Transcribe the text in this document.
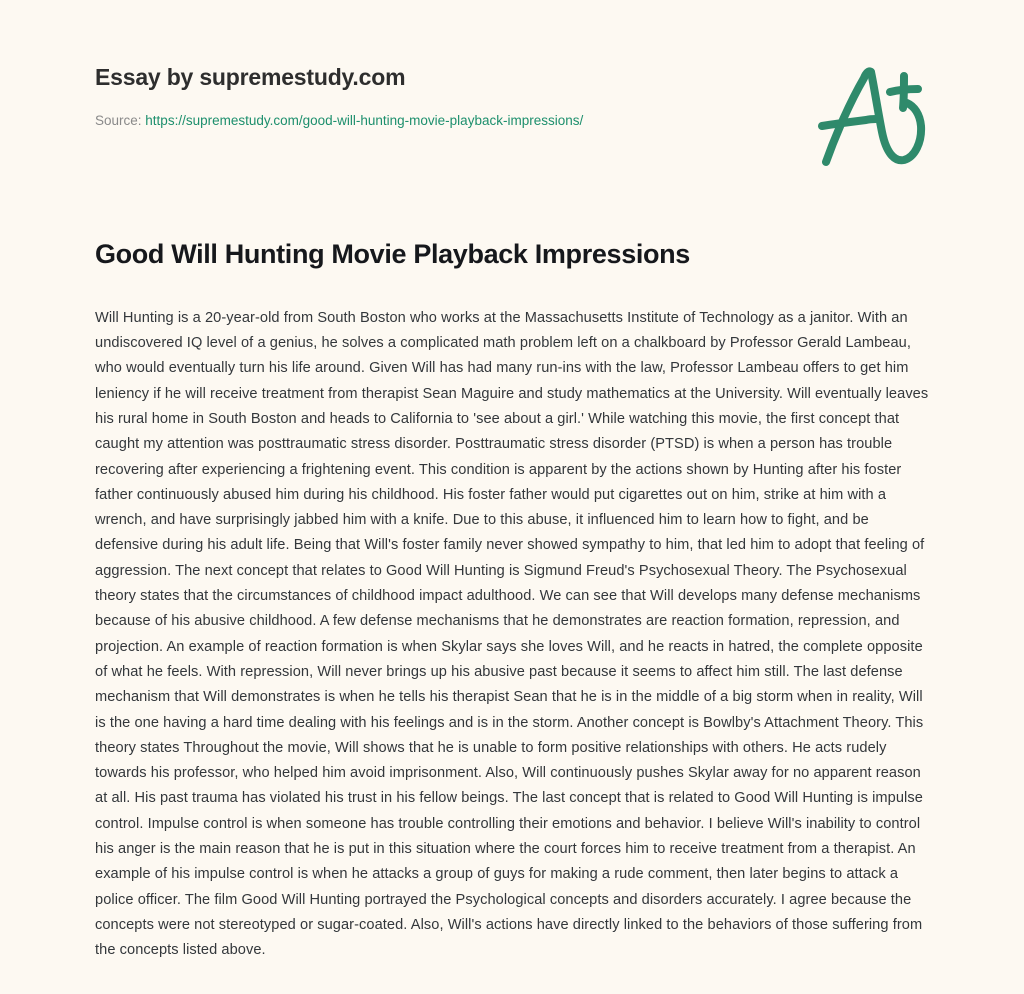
Essay by supremestudy.com
Source: https://supremestudy.com/good-will-hunting-movie-playback-impressions/
Good Will Hunting Movie Playback Impressions

Will Hunting is a 20-year-old from South Boston who works at the Massachusetts Institute of Technology as a janitor. With an undiscovered IQ level of a genius, he solves a complicated math problem left on a chalkboard by Professor Gerald Lambeau, who would eventually turn his life around. Given Will has had many run-ins with the law, Professor Lambeau offers to get him leniency if he will receive treatment from therapist Sean Maguire and study mathematics at the University. Will eventually leaves his rural home in South Boston and heads to California to 'see about a girl.' While watching this movie, the first concept that caught my attention was posttraumatic stress disorder. Posttraumatic stress disorder (PTSD) is when a person has trouble recovering after experiencing a frightening event. This condition is apparent by the actions shown by Hunting after his foster father continuously abused him during his childhood. His foster father would put cigarettes out on him, strike at him with a wrench, and have surprisingly jabbed him with a knife. Due to this abuse, it influenced him to learn how to fight, and be defensive during his adult life. Being that Will's foster family never showed sympathy to him, that led him to adopt that feeling of aggression. The next concept that relates to Good Will Hunting is Sigmund Freud's Psychosexual Theory. The Psychosexual theory states that the circumstances of childhood impact adulthood. We can see that Will develops many defense mechanisms because of his abusive childhood. A few defense mechanisms that he demonstrates are reaction formation, repression, and projection. An example of reaction formation is when Skylar says she loves Will, and he reacts in hatred, the complete opposite of what he feels. With repression, Will never brings up his abusive past because it seems to affect him still. The last defense mechanism that Will demonstrates is when he tells his therapist Sean that he is in the middle of a big storm when in reality, Will is the one having a hard time dealing with his feelings and is in the storm. Another concept is Bowlby's Attachment Theory. This theory states Throughout the movie, Will shows that he is unable to form positive relationships with others. He acts rudely towards his professor, who helped him avoid imprisonment. Also, Will continuously pushes Skylar away for no apparent reason at all. His past trauma has violated his trust in his fellow beings. The last concept that is related to Good Will Hunting is impulse control. Impulse control is when someone has trouble controlling their emotions and behavior. I believe Will's inability to control his anger is the main reason that he is put in this situation where the court forces him to receive treatment from a therapist. An example of his impulse control is when he attacks a group of guys for making a rude comment, then later begins to attack a police officer. The film Good Will Hunting portrayed the Psychological concepts and disorders accurately. I agree because the concepts were not stereotyped or sugar-coated. Also, Will's actions have directly linked to the behaviors of those suffering from the concepts listed above.
